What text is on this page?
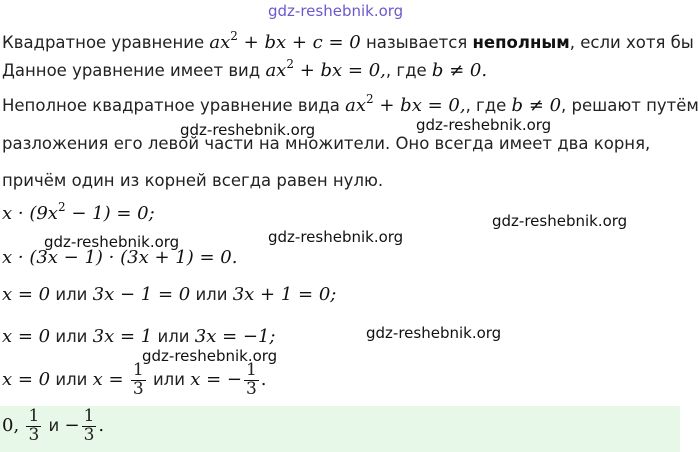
gdz-reshebnik.org
Квадратное уравнение $ax^2$ + bx + c = 0 называется неполным, если хотя бы
Данное уравнение имеет вид $ax^2$ + bx = 0,, где b ≠ 0.
Неполное квадратное уравнение вида $ax^2$ + bx = 0,, где b ≠ 0, решают путём
разложения его левой части на множители. Оно всегда имеет два корня,
причём один из корней всегда равен нулю.
$x \cdot (9x^2 - 1) = 0$;
x · (3x − 1) · (3x + 1) = 0.
x = 0 или 3x − 1 = 0 или 3x + 1 = 0;
x = 0 или 3x = 1 или 3x = −1;
x = 0 или $x = \frac{1}{3}$ или x = − $\frac{1}{3}$ .
0, $\frac{1}{3}$ $и - \frac{1}{3}$ .
gdz-reshebnik.org	gdz-reshebnik.org
gdz-reshebnik.org
gdz-reshebnik.org	gdz-reshebnik.org
gdz-reshebnik.org
gdz-reshebnik.org
